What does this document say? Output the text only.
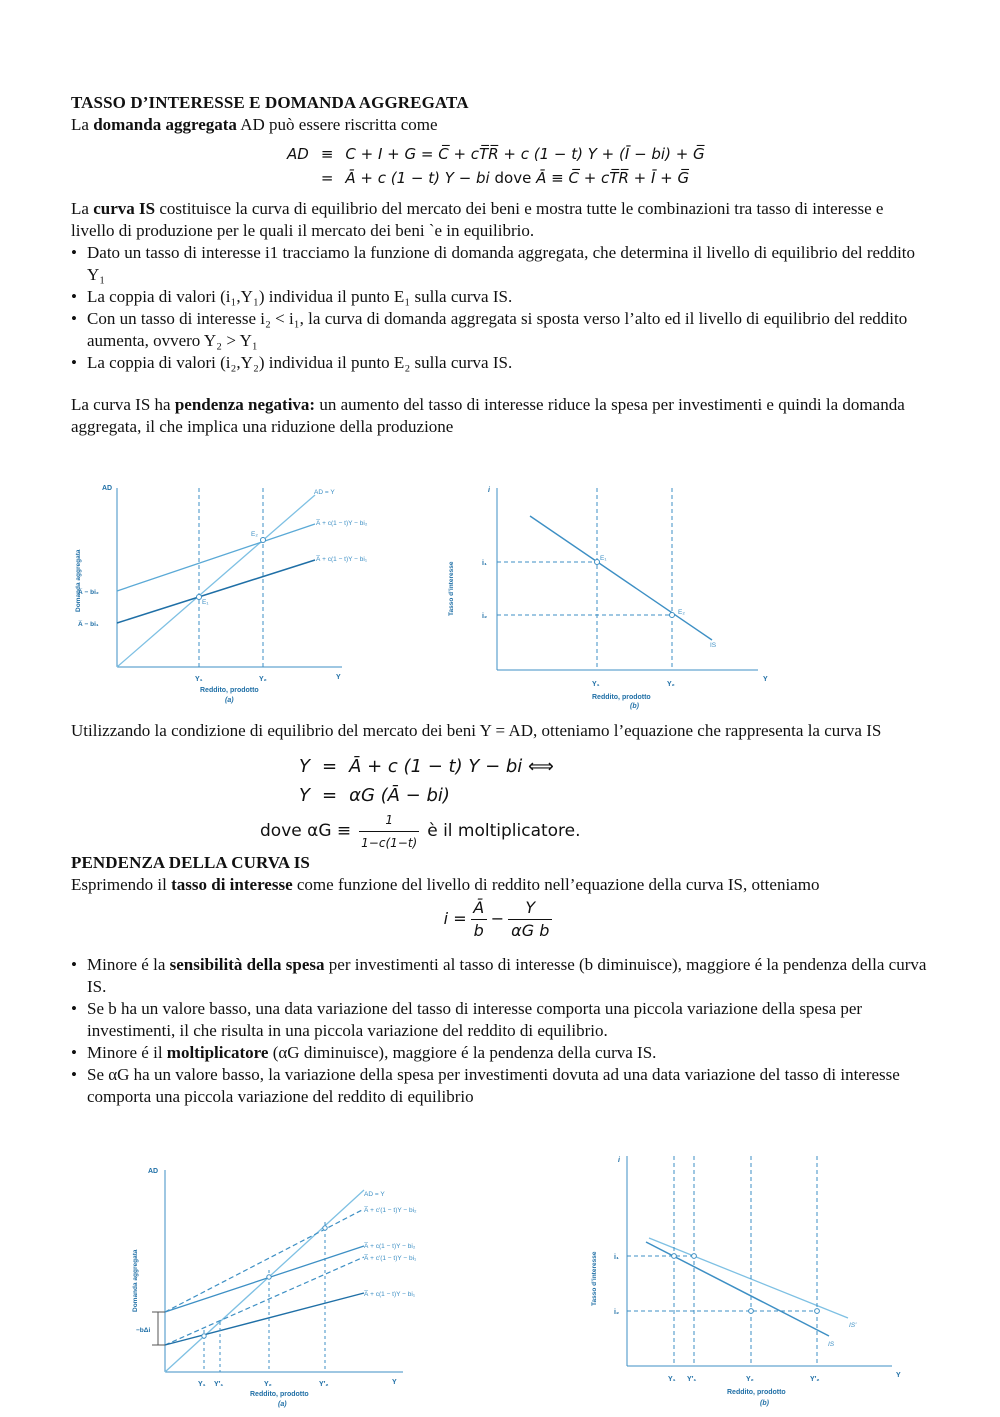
TASSO D’INTERESSE E DOMANDA AGGREGATA

La domanda aggregata AD può essere riscritta come

AD	≡	C + I + G = C̅ + cT̅R̅ + c (1 − t) Y + (Ī − bi) + G̅
	=	Ā + c (1 − t) Y − bi dove Ā ≡ C̅ + cT̅R̅ + Ī + G̅

La curva IS costituisce la curva di equilibrio del mercato dei beni e mostra tutte le combinazioni tra tasso di interesse e livello di produzione per le quali il mercato dei beni `e in equilibrio.

• Dato un tasso di interesse i1 tracciamo la funzione di domanda aggregata, che determina il livello di equilibrio del reddito Y₁
• La coppia di valori (i₁,Y₁) individua il punto E₁ sulla curva IS.
• Con un tasso di interesse i₂ < i₁, la curva di domanda aggregata si sposta verso l’alto ed il livello di equilibrio del reddito aumenta, ovvero Y₂ > Y₁
• La coppia di valori (i₂,Y₂) individua il punto E₂ sulla curva IS.

La curva IS ha pendenza negativa: un aumento del tasso di interesse riduce la spesa per investimenti e quindi la domanda aggregata, il che implica una riduzione della produzione

AD
A̅ − bi₂
A̅ − bi₁
Y₁	Y₂	Y
Reddito, prodotto
(a)
Domanda aggregata
AD = Y
A̅ + c(1 − t)Y − bi₂
A̅ + c(1 − t)Y − bi₁
E₁
E₂
i
i₁
i₂
Y₁	Y₂
Y
Reddito, prodotto
(b)
Tasso d’interesse
E₁
E₂
IS

Utilizzando la condizione di equilibrio del mercato dei beni Y = AD, otteniamo l’equazione che rappresenta la curva IS

Y	=	Ā + c (1 − t) Y − bi ⟺
Y	=	αG (Ā − bi)
dove αG ≡
1
1−c(1−t)
è il moltiplicatore.
PENDENZA DELLA CURVA IS

Esprimendo il tasso di interesse come funzione del livello di reddito nell’equazione della curva IS, otteniamo

$i = \frac{Ā}{b} - \frac{Y}{\text{αG b}}$
• Minore é la sensibilità della spesa per investimenti al tasso di interesse (b diminuisce), maggiore é la pendenza della curva IS.
• Se b ha un valore basso, una data variazione del tasso di interesse comporta una piccola variazione della spesa per investimenti, il che risulta in una piccola variazione del reddito di equilibrio.
• Minore é il moltiplicatore (αG diminuisce), maggiore é la pendenza della curva IS.
• Se αG ha un valore basso, la variazione della spesa per investimenti dovuta ad una data variazione del tasso di interesse comporta una piccola variazione del reddito di equilibrio
AD
−bΔi
Y₁ Y′₁	Y₂	Y′₂	Y
Reddito, prodotto
(a)
Domanda aggregata
AD = Y
A̅ + c′(1 − t)Y − bi₂
A̅ + c(1 − t)Y − bi₂
A̅ + c′(1 − t)Y − bi₁
A̅ + c(1 − t)Y − bi₁
i
i₁
i₂
Y₁ Y′₁	Y₂	Y′₂
Y
Reddito, prodotto
(b)
Tasso d’interesse
IS′
IS
